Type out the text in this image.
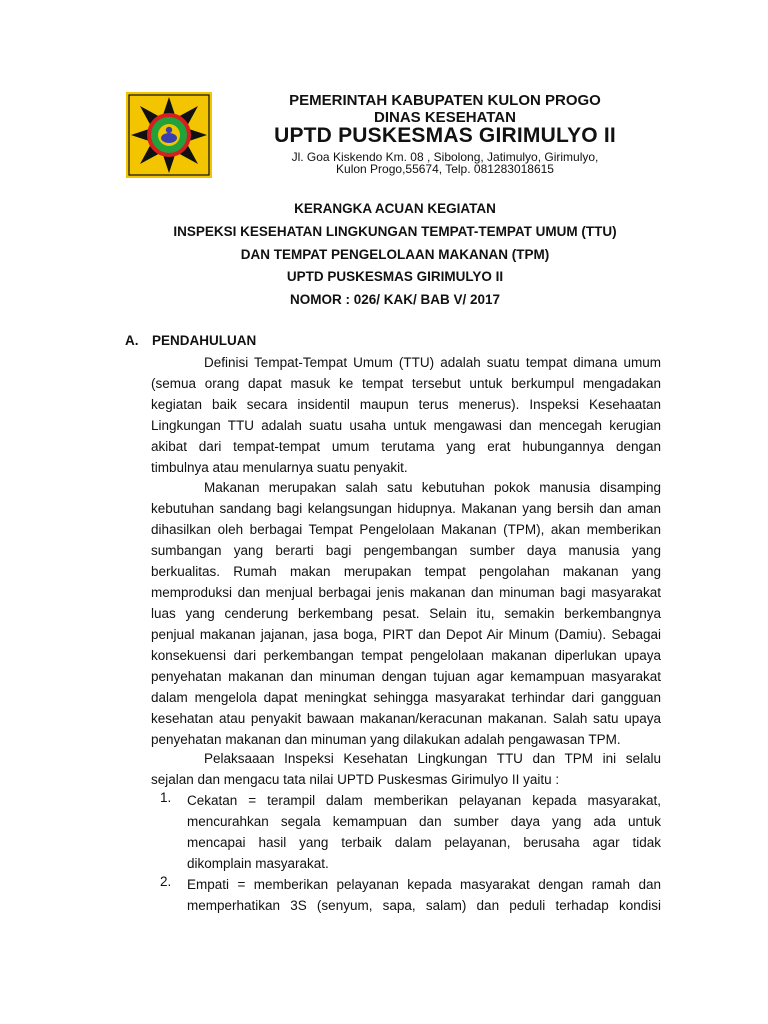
PEMERINTAH KABUPATEN KULON PROGO
DINAS KESEHATAN
UPTD PUSKESMAS GIRIMULYO II
Jl. Goa Kiskendo Km. 08 , Sibolong, Jatimulyo, Girimulyo,
Kulon Progo,55674, Telp. 081283018615
KERANGKA ACUAN KEGIATAN
INSPEKSI KESEHATAN LINGKUNGAN TEMPAT-TEMPAT UMUM (TTU)
DAN TEMPAT PENGELOLAAN MAKANAN (TPM)
UPTD PUSKESMAS GIRIMULYO II
NOMOR : 026/ KAK/ BAB V/ 2017
A. PENDAHULUAN
Definisi Tempat-Tempat Umum (TTU) adalah suatu tempat dimana umum
(semua orang dapat masuk ke tempat tersebut untuk berkumpul mengadakan
kegiatan baik secara insidentil maupun terus menerus). Inspeksi Kesehaatan
Lingkungan TTU adalah suatu usaha untuk mengawasi dan mencegah kerugian
akibat dari tempat-tempat umum terutama yang erat hubungannya dengan
timbulnya atau menularnya suatu penyakit.
Makanan merupakan salah satu kebutuhan pokok manusia disamping
kebutuhan sandang bagi kelangsungan hidupnya. Makanan yang bersih dan aman
dihasilkan oleh berbagai Tempat Pengelolaan Makanan (TPM), akan memberikan
sumbangan yang berarti bagi pengembangan sumber daya manusia yang
berkualitas. Rumah makan merupakan tempat pengolahan makanan yang
memproduksi dan menjual berbagai jenis makanan dan minuman bagi masyarakat
luas yang cenderung berkembang pesat. Selain itu, semakin berkembangnya
penjual makanan jajanan, jasa boga, PIRT dan Depot Air Minum (Damiu). Sebagai
konsekuensi dari perkembangan tempat pengelolaan makanan diperlukan upaya
penyehatan makanan dan minuman dengan tujuan agar kemampuan masyarakat
dalam mengelola dapat meningkat sehingga masyarakat terhindar dari gangguan
kesehatan atau penyakit bawaan makanan/keracunan makanan. Salah satu upaya
penyehatan makanan dan minuman yang dilakukan adalah pengawasan TPM.
Pelaksaaan Inspeksi Kesehatan Lingkungan TTU dan TPM ini selalu
sejalan dan mengacu tata nilai UPTD Puskesmas Girimulyo II yaitu :
1. Cekatan = terampil dalam memberikan pelayanan kepada masyarakat,
mencurahkan segala kemampuan dan sumber daya yang ada untuk
mencapai hasil yang terbaik dalam pelayanan, berusaha agar tidak
dikomplain masyarakat.
2. Empati = memberikan pelayanan kepada masyarakat dengan ramah dan
memperhatikan 3S (senyum, sapa, salam) dan peduli terhadap kondisi
